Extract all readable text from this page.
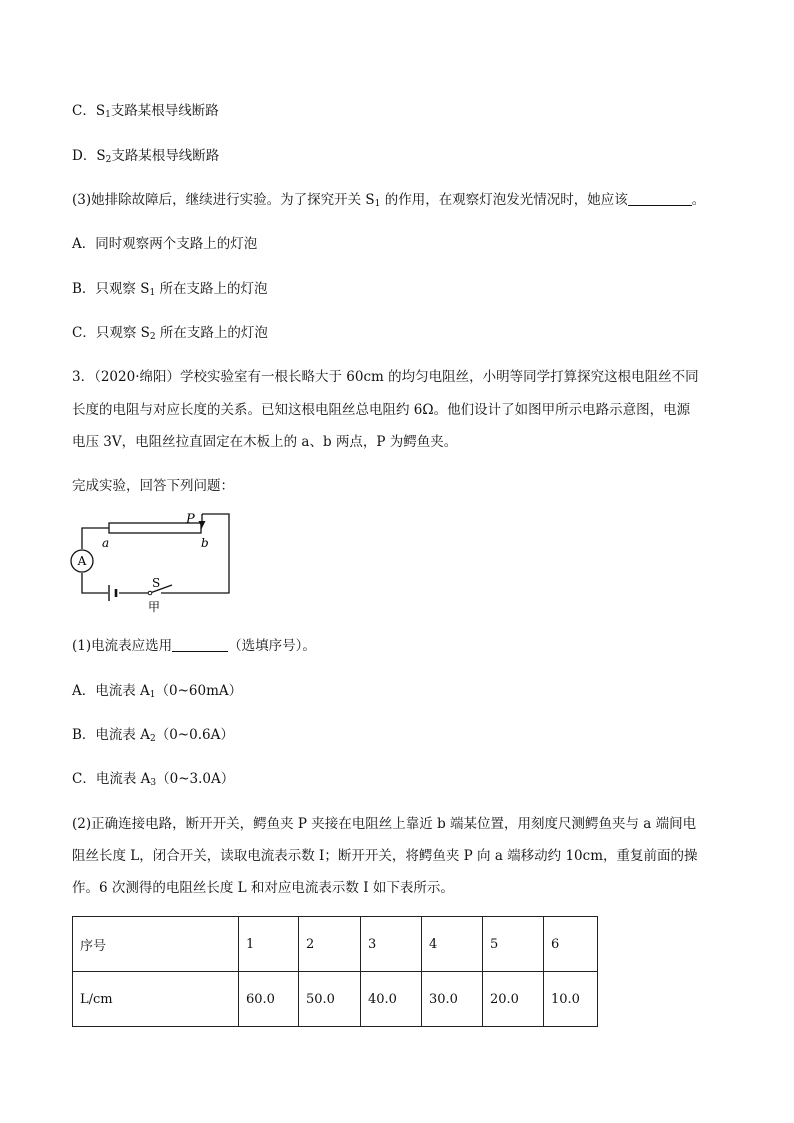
C．$S_1$支路某根导线断路
D．$S_2$支路某根导线断路
(3)她排除故障后，继续进行实验。为了探究开关 $S_1$ 的作用，在观察灯泡发光情况时，她应该	。
A．同时观察两个支路上的灯泡
B．只观察 $S_1$ 所在支路上的灯泡
C．只观察 $S_2$ 所在支路上的灯泡
3．（2020·绵阳）学校实验室有一根长略大于 60cm 的均匀电阻丝，小明等同学打算探究这根电阻丝不同
长度的电阻与对应长度的关系。已知这根电阻丝总电阻约 6Ω。他们设计了如图甲所示电路示意图，电源
电压 3V，电阻丝拉直固定在木板上的 a、b 两点，P 为鳄鱼夹。
完成实验，回答下列问题：
A
P
a	b
S
甲
(1)电流表应选用	（选填序号）。
A．电流表 $A_1(0\sim 60mA)$
B．电流表 $A_2(0\sim 0.6A)$
C．电流表 $A_3(0\sim 3.0A)$
(2)正确连接电路，断开开关，鳄鱼夹 P 夹接在电阻丝上靠近 b 端某位置，用刻度尺测鳄鱼夹与 a 端间电
阻丝长度 L，闭合开关，读取电流表示数 I；断开开关，将鳄鱼夹 P 向 a 端移动约 10cm，重复前面的操
作。6 次测得的电阻丝长度 L 和对应电流表示数 I 如下表所示。
序号	1	2	3	4	5	6
L/cm	60.0	50.0	40.0	30.0	20.0	10.0
